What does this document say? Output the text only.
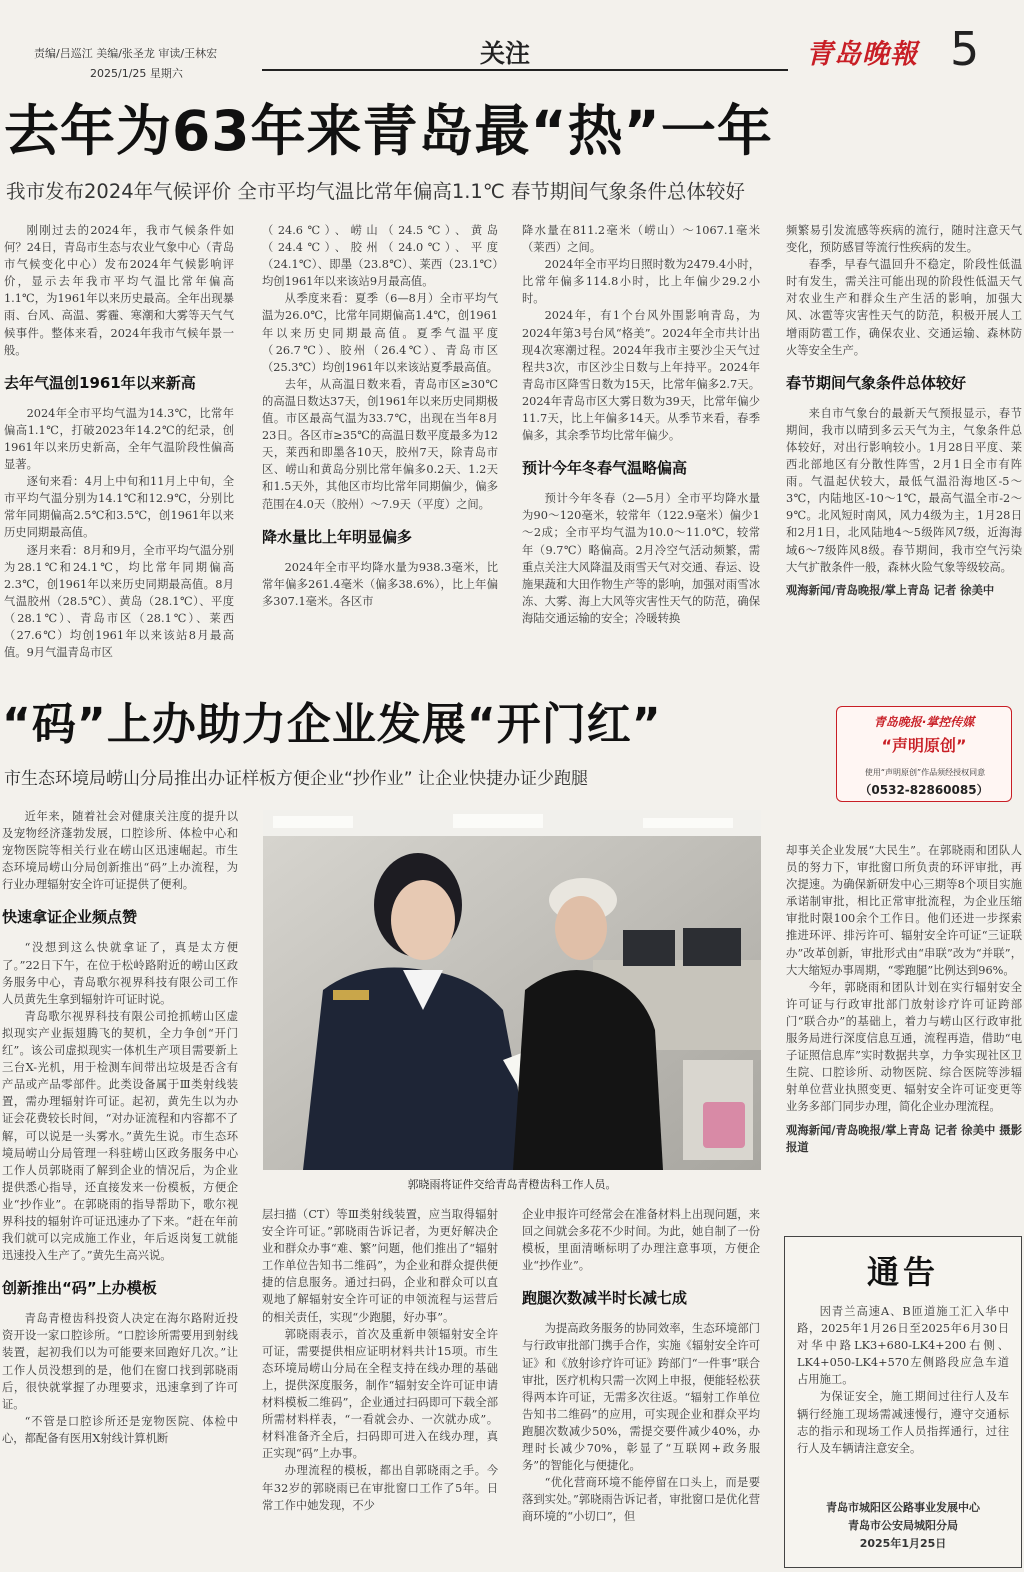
责编/吕巡江 美编/张圣龙 审读/王林宏
2025/1/25 星期六
关注	青岛晚報 5
去年为63年来青岛最“热”一年
我市发布2024年气候评价 全市平均气温比常年偏高1.1℃ 春节期间气象条件总体较好

刚刚过去的2024年，我市气候条件如何？24日，青岛市生态与农业气象中心（青岛市气候变化中心）发布2024年气候影响评价，显示去年我市平均气温比常年偏高1.1℃，为1961年以来历史最高。全年出现暴雨、台风、高温、雾霾、寒潮和大雾等天气气候事件。整体来看，2024年我市气候年景一般。

去年气温创1961年以来新高

2024年全市平均气温为14.3℃，比常年偏高1.1℃，打破2023年14.2℃的纪录，创1961年以来历史新高，全年气温阶段性偏高显著。

逐旬来看：4月上中旬和11月上中旬，全市平均气温分别为14.1℃和12.9℃，分别比常年同期偏高2.5℃和3.5℃，创1961年以来历史同期最高值。

逐月来看：8月和9月，全市平均气温分别为28.1℃和24.1℃，均比常年同期偏高2.3℃，创1961年以来历史同期最高值。8月气温胶州（28.5℃）、黄岛（28.1℃）、平度（28.1℃）、青岛市区（28.1℃）、莱西（27.6℃）均创1961年以来该站8月最高值。9月气温青岛市区

（24.6℃）、崂山（24.5℃）、黄岛（24.4℃）、胶州（24.0℃）、平度（24.1℃）、即墨（23.8℃）、莱西（23.1℃）均创1961年以来该站9月最高值。

从季度来看：夏季（6—8月）全市平均气温为26.0℃，比常年同期偏高1.4℃，创1961年以来历史同期最高值。夏季气温平度（26.7℃）、胶州（26.4℃）、青岛市区（25.3℃）均创1961年以来该站夏季最高值。

去年，从高温日数来看，青岛市区≥30℃的高温日数达37天，创1961年以来历史同期极值。市区最高气温为33.7℃，出现在当年8月23日。各区市≥35℃的高温日数平度最多为12天，莱西和即墨各10天，胶州7天，除青岛市区、崂山和黄岛分别比常年偏多0.2天、1.2天和1.5天外，其他区市均比常年同期偏少，偏多范围在4.0天（胶州）～7.9天（平度）之间。

降水量比上年明显偏多

2024年全市平均降水量为938.3毫米，比常年偏多261.4毫米（偏多38.6%），比上年偏多307.1毫米。各区市

降水量在811.2毫米（崂山）～1067.1毫米（莱西）之间。

2024年全市平均日照时数为2479.4小时，比常年偏多114.8小时，比上年偏少29.2小时。

2024年，有1个台风外围影响青岛，为2024年第3号台风“格美”。2024年全市共计出现4次寒潮过程。2024年我市主要沙尘天气过程共3次，市区沙尘日数与上年持平。2024年青岛市区降雪日数为15天，比常年偏多2.7天。2024年青岛市区大雾日数为39天，比常年偏少11.7天，比上年偏多14天。从季节来看，春季偏多，其余季节均比常年偏少。

预计今年冬春气温略偏高

预计今年冬春（2—5月）全市平均降水量为90～120毫米，较常年（122.9毫米）偏少1～2成；全市平均气温为10.0～11.0℃，较常年（9.7℃）略偏高。2月冷空气活动频繁，需重点关注大风降温及雨雪天气对交通、春运、设施果蔬和大田作物生产等的影响，加强对雨雪冰冻、大雾、海上大风等灾害性天气的防范，确保海陆交通运输的安全；冷暖转换

频繁易引发流感等疾病的流行，随时注意天气变化，预防感冒等流行性疾病的发生。

春季，早春气温回升不稳定，阶段性低温时有发生，需关注可能出现的阶段性低温天气对农业生产和群众生产生活的影响，加强大风、冰雹等灾害性天气的防范，积极开展人工增雨防雹工作，确保农业、交通运输、森林防火等安全生产。

春节期间气象条件总体较好

来自市气象台的最新天气预报显示，春节期间，我市以晴到多云天气为主，气象条件总体较好，对出行影响较小。1月28日平度、莱西北部地区有分散性阵雪，2月1日全市有阵雨。气温起伏较大，最低气温沿海地区-5～3℃，内陆地区-10～1℃，最高气温全市-2～9℃。北风短时南风，风力4级为主，1月28日和2月1日，北风陆地4～5级阵风7级，近海海域6～7级阵风8级。春节期间，我市空气污染大气扩散条件一般，森林火险气象等级较高。

观海新闻/青岛晚报/掌上青岛 记者 徐美中

“码”上办助力企业发展“开门红”
市生态环境局崂山分局推出办证样板方便企业“抄作业” 让企业快捷办证少跑腿
青岛晚报·掌控传媒
“声明原创”
使用“声明原创”作品须经授权同意
（0532-82860085）

近年来，随着社会对健康关注度的提升以及宠物经济蓬勃发展，口腔诊所、体检中心和宠物医院等相关行业在崂山区迅速崛起。市生态环境局崂山分局创新推出“码”上办流程，为行业办理辐射安全许可证提供了便利。

快速拿证企业频点赞

“没想到这么快就拿证了，真是太方便了。”22日下午，在位于松岭路附近的崂山区政务服务中心，青岛歌尔视界科技有限公司工作人员黄先生拿到辐射许可证时说。

青岛歌尔视界科技有限公司抢抓崂山区虚拟现实产业振翅腾飞的契机，全力争创“开门红”。该公司虚拟现实一体机生产项目需要新上三台X-光机，用于检测车间带出垃圾是否含有产品或产品零部件。此类设备属于Ⅲ类射线装置，需办理辐射许可证。起初，黄先生以为办证会花费较长时间，“对办证流程和内容都不了解，可以说是一头雾水。”黄先生说。市生态环境局崂山分局管理一科驻崂山区政务服务中心工作人员郭晓雨了解到企业的情况后，为企业提供悉心指导，还直接发来一份模板，方便企业“抄作业”。在郭晓雨的指导帮助下，歌尔视界科技的辐射许可证迅速办了下来。“赶在年前我们就可以完成施工作业，年后返岗复工就能迅速投入生产了。”黄先生高兴说。

创新推出“码”上办模板

青岛青橙齿科投资人决定在海尔路附近投资开设一家口腔诊所。“口腔诊所需要用到射线装置，起初我们以为可能要来回跑好几次。”让工作人员没想到的是，他们在窗口找到郭晓雨后，很快就掌握了办理要求，迅速拿到了许可证。

“不管是口腔诊所还是宠物医院、体检中心，都配备有医用X射线计算机断

郭晓雨将证件交给青岛青橙齿科工作人员。

层扫描（CT）等Ⅲ类射线装置，应当取得辐射安全许可证。”郭晓雨告诉记者，为更好解决企业和群众办事“难、繁”问题，他们推出了“辐射工作单位告知书二维码”，为企业和群众提供便捷的信息服务。通过扫码，企业和群众可以直观地了解辐射安全许可证的申领流程与运营后的相关责任，实现“少跑腿，好办事”。

郭晓雨表示，首次及重新申领辐射安全许可证，需要提供相应证明材料共计15项。市生态环境局崂山分局在全程支持在线办理的基础上，提供深度服务，制作“辐射安全许可证申请材料模板二维码”，企业通过扫码即可下载全部所需材料样表，“一看就会办、一次就办成”。材料准备齐全后，扫码即可进入在线办理，真正实现“码”上办事。

办理流程的模板，都出自郭晓雨之手。今年32岁的郭晓雨已在审批窗口工作了5年。日常工作中她发现，不少

企业申报许可经常会在准备材料上出现问题，来回之间就会多花不少时间。为此，她自制了一份模板，里面清晰标明了办理注意事项，方便企业“抄作业”。

跑腿次数减半时长减七成

为提高政务服务的协同效率，生态环境部门与行政审批部门携手合作，实施《辐射安全许可证》和《放射诊疗许可证》跨部门“一件事”联合审批，医疗机构只需一次网上申报，便能轻松获得两本许可证，无需多次往返。“辐射工作单位告知书二维码”的应用，可实现企业和群众平均跑腿次数减少50%，需提交要件减少40%，办理时长减少70%，彰显了“互联网+政务服务”的智能化与便捷化。

“优化营商环境不能停留在口头上，而是要落到实处。”郭晓雨告诉记者，审批窗口是优化营商环境的“小切口”，但

却事关企业发展“大民生”。在郭晓雨和团队人员的努力下，审批窗口所负责的环评审批，再次提速。为确保新研发中心三期等8个项目实施承诺制审批，相比正常审批流程，为企业压缩审批时限100余个工作日。他们还进一步探索推进环评、排污许可、辐射安全许可证“三证联办”改革创新，审批形式由“串联”改为“并联”，大大缩短办事周期，“零跑腿”比例达到96%。

今年，郭晓雨和团队计划在实行辐射安全许可证与行政审批部门放射诊疗许可证跨部门“联合办”的基础上，着力与崂山区行政审批服务局进行深度信息互通，流程再造，借助“电子证照信息库”实时数据共享，力争实现社区卫生院、口腔诊所、动物医院、综合医院等涉辐射单位营业执照变更、辐射安全许可证变更等业务多部门同步办理，简化企业办理流程。

观海新闻/青岛晚报/掌上青岛 记者 徐美中 摄影报道

通告

因青兰高速A、B匝道施工汇入华中路，2025年1月26日至2025年6月30日对华中路LK3+680-LK4+200右侧、LK4+050-LK4+570左侧路段应急车道占用施工。

为保证安全，施工期间过往行人及车辆行经施工现场需减速慢行，遵守交通标志的指示和现场工作人员指挥通行，过往行人及车辆请注意安全。

青岛市城阳区公路事业发展中心
青岛市公安局城阳分局
2025年1月25日
